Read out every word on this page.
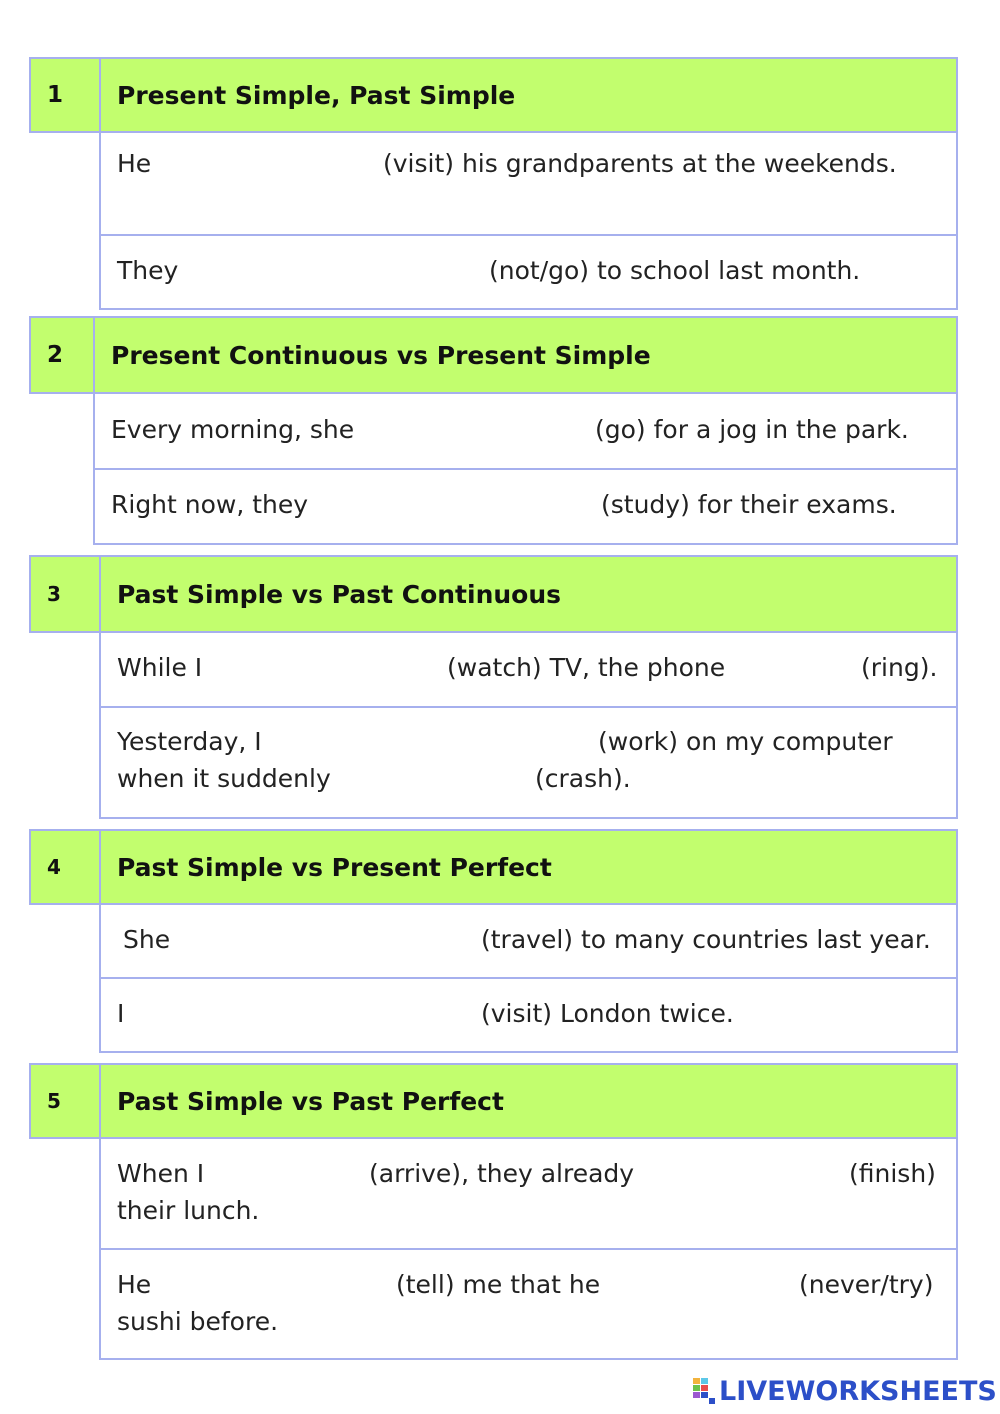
1	Present Simple, Past Simple
He	(visit) his grandparents at the weekends.
They	(not/go) to school last month.
2	Present Continuous vs Present Simple
Every morning, she	(go) for a jog in the park.
Right now, they	(study) for their exams.
3	Past Simple vs Past Continuous
While I	(watch) TV, the phone	(ring).
Yesterday, I	(work) on my computer
when it suddenly	(crash).
4	Past Simple vs Present Perfect
She	(travel) to many countries last year.
I	(visit) London twice.
5	Past Simple vs Past Perfect
When I	(arrive), they already	(finish)
their lunch.
He	(tell) me that he	(never/try)
sushi before.
LIVEWORKSHEETS
